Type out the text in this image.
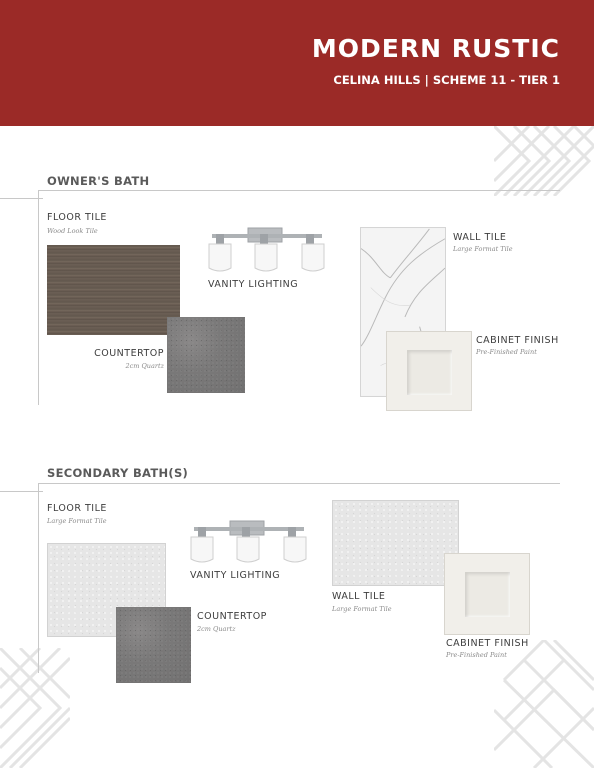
MODERN RUSTIC
CELINA HILLS | SCHEME 11 - TIER 1
OWNER'S BATH
FLOOR TILE
Wood Look Tile
VANITY LIGHTING
COUNTERTOP
2cm Quartz
WALL TILE
Large Format Tile
CABINET FINISH
Pre-Finished Paint
SECONDARY BATH(S)
FLOOR TILE
Large Format Tile
VANITY LIGHTING
COUNTERTOP
2cm Quartz
WALL TILE
Large Format Tile
CABINET FINISH
Pre-Finished Paint
